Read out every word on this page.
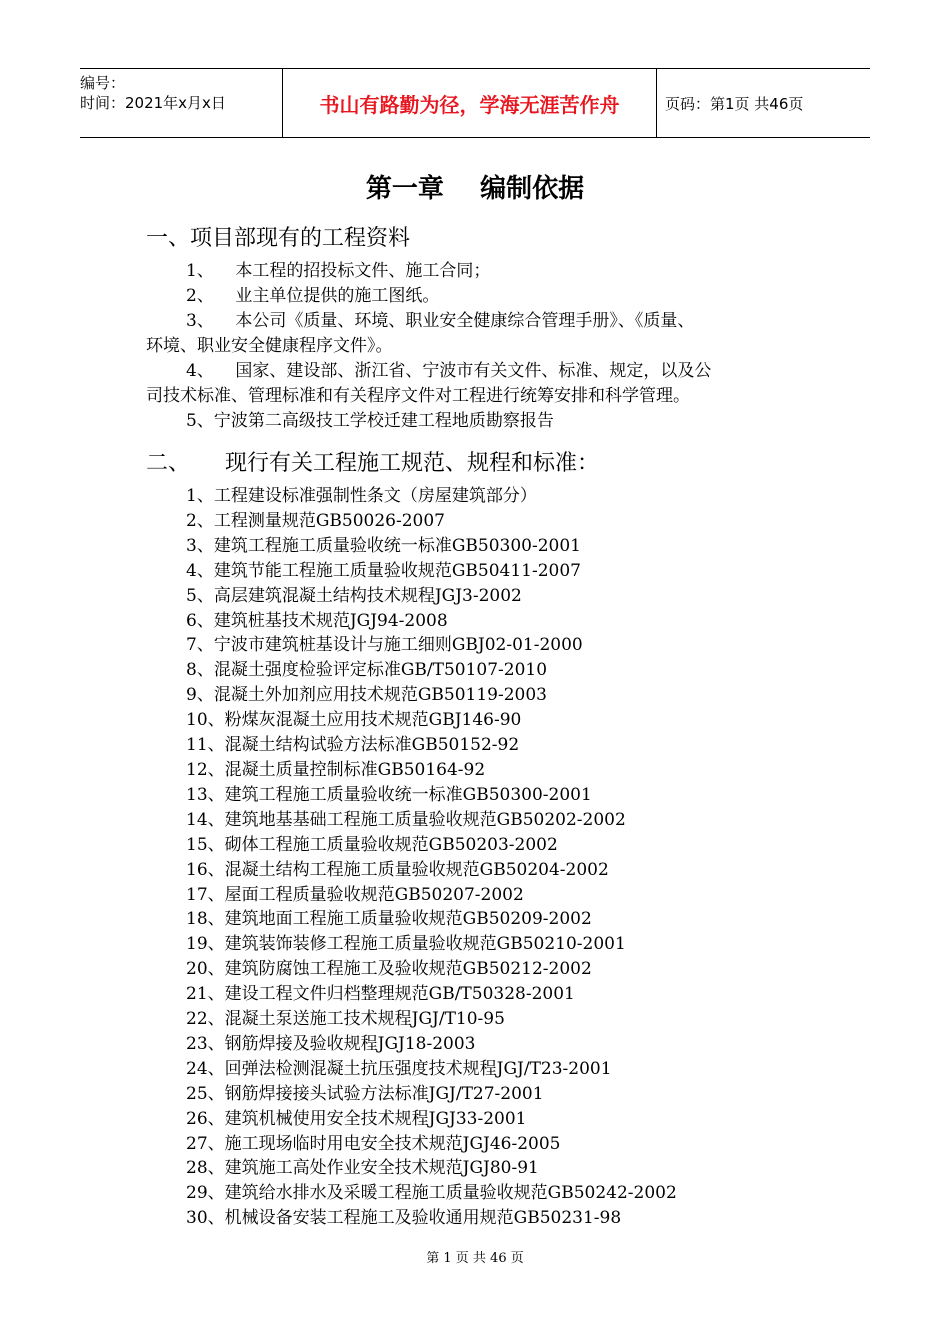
编号：
时间：2021年x月x日	书山有路勤为径，学海无涯苦作舟	页码：第1页 共46页
第一章    编制依据
一、项目部现有的工程资料
1、    本工程的招投标文件、施工合同；
2、    业主单位提供的施工图纸。
3、    本公司《质量、环境、职业安全健康综合管理手册》、《质量、
环境、职业安全健康程序文件》。
4、    国家、建设部、浙江省、宁波市有关文件、标准、规定，以及公
司技术标准、管理标准和有关程序文件对工程进行统筹安排和科学管理。
5、宁波第二高级技工学校迁建工程地质勘察报告
二、     现行有关工程施工规范、规程和标准：
1、工程建设标准强制性条文（房屋建筑部分）
2、工程测量规范GB50026-2007
3、建筑工程施工质量验收统一标准GB50300-2001
4、建筑节能工程施工质量验收规范GB50411-2007
5、高层建筑混凝土结构技术规程JGJ3-2002
6、建筑桩基技术规范JGJ94-2008
7、宁波市建筑桩基设计与施工细则GBJ02-01-2000
8、混凝土强度检验评定标准GB/T50107-2010
9、混凝土外加剂应用技术规范GB50119-2003
10、粉煤灰混凝土应用技术规范GBJ146-90
11、混凝土结构试验方法标准GB50152-92
12、混凝土质量控制标准GB50164-92
13、建筑工程施工质量验收统一标准GB50300-2001
14、建筑地基基础工程施工质量验收规范GB50202-2002
15、砌体工程施工质量验收规范GB50203-2002
16、混凝土结构工程施工质量验收规范GB50204-2002
17、屋面工程质量验收规范GB50207-2002
18、建筑地面工程施工质量验收规范GB50209-2002
19、建筑装饰装修工程施工质量验收规范GB50210-2001
20、建筑防腐蚀工程施工及验收规范GB50212-2002
21、建设工程文件归档整理规范GB/T50328-2001
22、混凝土泵送施工技术规程JGJ/T10-95
23、钢筋焊接及验收规程JGJ18-2003
24、回弹法检测混凝土抗压强度技术规程JGJ/T23-2001
25、钢筋焊接接头试验方法标准JGJ/T27-2001
26、建筑机械使用安全技术规程JGJ33-2001
27、施工现场临时用电安全技术规范JGJ46-2005
28、建筑施工高处作业安全技术规范JGJ80-91
29、建筑给水排水及采暖工程施工质量验收规范GB50242-2002
30、机械设备安装工程施工及验收通用规范GB50231-98
第 1 页 共 46 页
